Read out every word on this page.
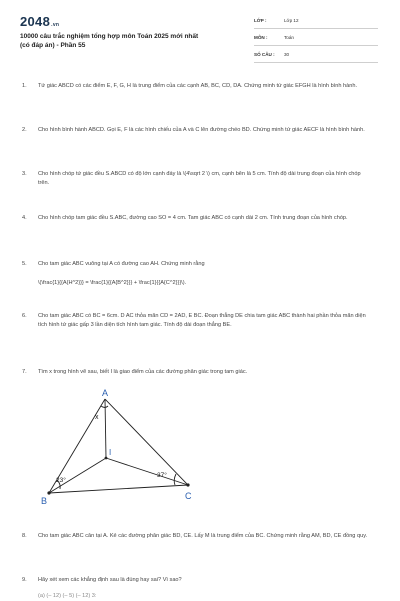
2048.vn
10000 câu trắc nghiệm tổng hợp môn Toán 2025 mới nhất
(có đáp án) - Phần 55
LỚP :	Lớp 12
MÔN :	Toán
SỐ CÂU : 30
1. Tứ giác ABCD có các điểm E, F, G, H là trung điểm của các cạnh AB, BC, CD, DA. Chứng minh tứ giác EFGH là hình bình hành.
2. Cho hình bình hành ABCD. Gọi E, F là các hình chiếu của A và C lên đường chéo BD. Chứng minh tứ giác AECF là hình bình hành.
3. Cho hình chóp tứ giác đều S.ABCD có độ lớn cạnh đáy là \(4\sqrt 2 \) cm, cạnh bên là 5 cm. Tính độ dài trung đoạn của hình chóp trên.
4. Cho hình chóp tam giác đều S.ABC, đường cao SO = 4 cm. Tam giác ABC có cạnh dài 2 cm. Tính trung đoạn của hình chóp.
5. Cho tam giác ABC vuông tại A có đường cao AH. Chứng minh rằng
\(\frac{1}{{A{H^2}}} = \frac{1}{{A{B^2}}} + \frac{1}{{A{C^2}}}\).
6. Cho tam giác ABC có BC = 6cm. D AC thỏa mãn CD = 2AD, E BC. Đoạn thẳng DE chia tam giác ABC thành hai phần thỏa mãn diện tích hình tứ giác gấp 3 lần diện tích hình tam giác. Tính độ dài đoạn thẳng BE.
7. Tìm x trong hình vẽ sau, biết I là giao điểm của các đường phân giác trong tam giác.
A
B	C
I
x
23°
37°
8. Cho tam giác ABC cân tại A. Kẻ các đường phân giác BD, CE. Lấy M là trung điểm của BC. Chứng minh rằng AM, BD, CE đồng quy.
9. Hãy xét xem các khẳng định sau là đúng hay sai? Vì sao?
(a) (– 12) (– 5) (– 12) 3:
